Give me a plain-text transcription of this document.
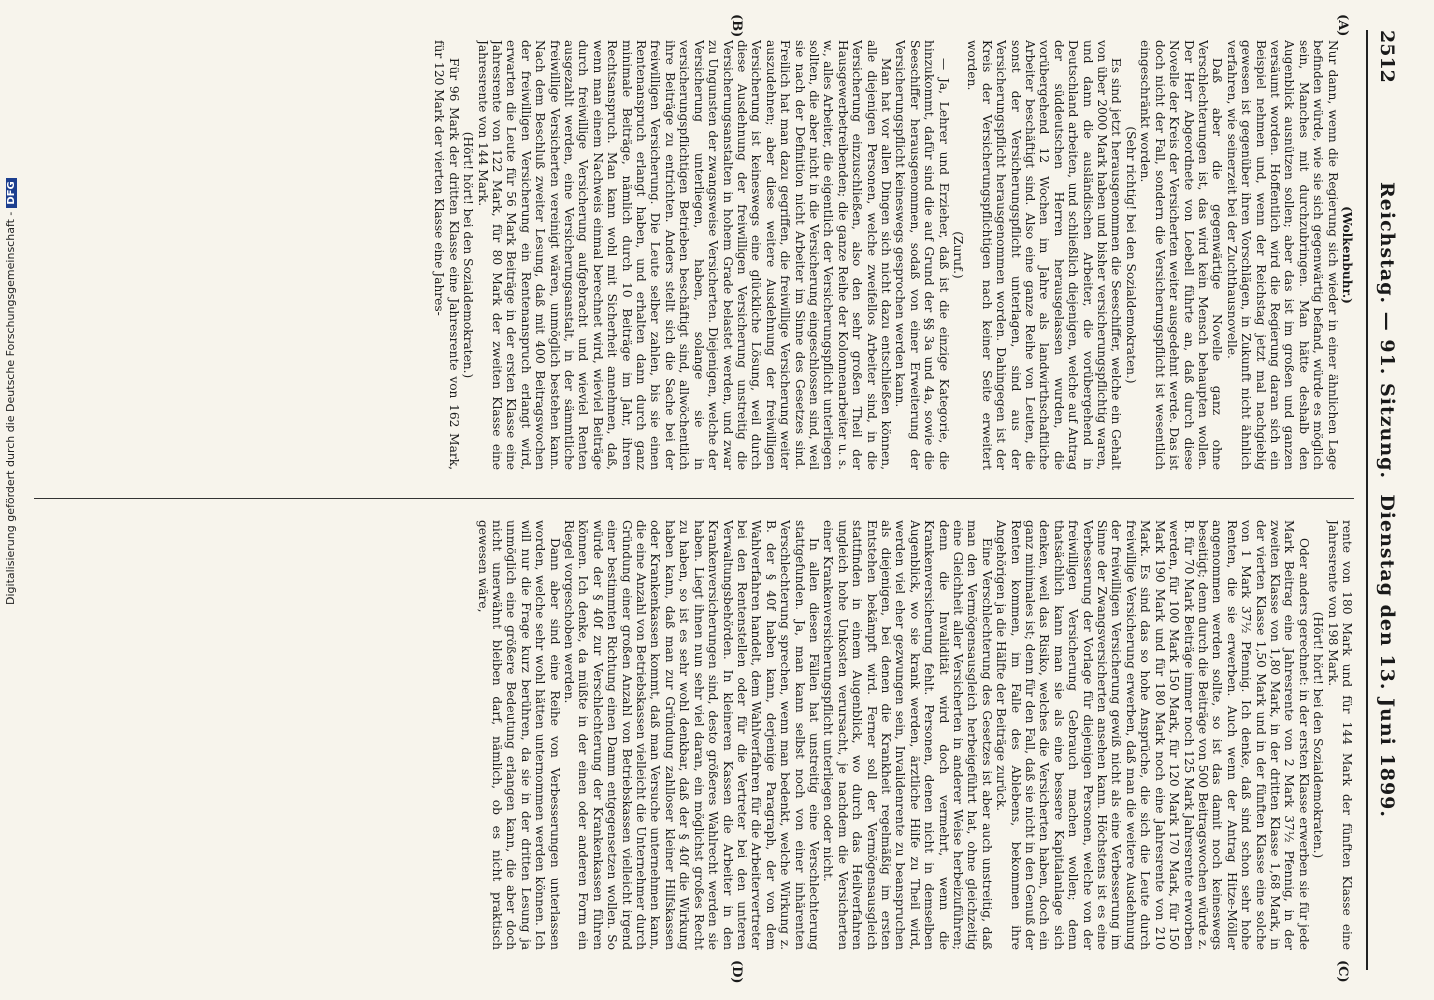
2512
Reichstag. — 91. Sitzung.  Dienstag den 13. Juni 1899.
(A)
(B)
(C)
(D)

(Wolkenbuhr.)

Nur dann, wenn die Regierung sich wieder in einer ähnlichen Lage befinden würde, wie sie sich gegenwärtig befand, würde es möglich sein, Manches mit durchzubringen. Man hätte deshalb den Augenblick ausnützen sollen; aber das ist im großen und ganzen versäumt worden. Hoffentlich wird die Regierung daran sich ein Beispiel nehmen und, wenn der Reichstag jetzt mal nachgiebig gewesen ist gegenüber ihren Vorschlägen, in Zukunft nicht ähnlich verfahren, wie seinerzeit bei der Zuchthausnovelle.

Daß aber die gegenwärtige Novelle ganz ohne Verschlechterungen ist, das wird kein Mensch behaupten wollen. Der Herr Abgeordnete von Loebell führte an, daß durch diese Novelle der Kreis der Versicherten weiter ausgedehnt werde. Das ist doch nicht der Fall, sondern die Versicherungspflicht ist wesentlich eingeschränkt worden.

(Sehr richtig! bei den Sozialdemokraten.)

Es sind jetzt herausgenommen die Seeschiffer, welche ein Gehalt von über 2000 Mark haben und bisher versicherungspflichtig waren, und dann die ausländischen Arbeiter, die vorübergehend in Deutschland arbeiten, und schließlich diejenigen, welche auf Antrag der süddeutschen Herren herausgelassen wurden, die vorübergehend 12 Wochen im Jahre als landwirthschaftliche Arbeiter beschäftigt sind. Also eine ganze Reihe von Leuten, die sonst der Versicherungspflicht unterlagen, sind aus der Versicherungspflicht herausgenommen worden. Dahingegen ist der Kreis der Versicherungspflichtigen nach keiner Seite erweitert worden.

(Zuruf.)

— Ja, Lehrer und Erzieher, daß ist die einzige Kategorie, die hinzukommt, dafür sind die auf Grund der §§ 3a und 4a, sowie die Seeschiffer herausgenommen, sodaß von einer Erweiterung der Versicherungspflicht keineswegs gesprochen werden kann.

Man hat vor allen Dingen sich nicht dazu entschließen können, alle diejenigen Personen, welche zweifellos Arbeiter sind, in die Versicherung einzuschließen, also den sehr großen Theil der Hausgewerbetreibenden; die ganze Reihe der Kolonnenarbeiter u. s. w., alles Arbeiter, die eigentlich der Versicherungspflicht unterliegen sollten, die aber nicht in die Versicherung eingeschlossen sind, weil sie nach der Definition nicht Arbeiter im Sinne des Gesetzes sind. Freilich hat man dazu gegriffen, die freiwillige Versicherung weiter auszudehnen; aber diese weitere Ausdehnung der freiwilligen Versicherung ist keineswegs eine glückliche Lösung, weil durch diese Ausdehnung der freiwilligen Versicherung unstreitig die Versicherungsanstalten in hohem Grade belastet werden, und zwar zu Ungunsten der zwangsweise Versicherten. Diejenigen, welche der Versicherung unterliegen, haben, solange sie in versicherungspflichtigen Betrieben beschäftigt sind, allwöchentlich ihre Beiträge zu entrichten. Anders stellt sich die Sache bei der freiwilligen Versicherung. Die Leute selber zahlen, bis sie einen Rentenanspruch erlangt haben, und erhalten dann durch ganz minimale Beiträge, nämlich durch 10 Beiträge im Jahr, ihren Rechtsanspruch. Man kann wohl mit Sicherheit annehmen, daß, wenn man einem Nachweis einmal berechnet wird, wieviel Beiträge durch freiwillige Versicherung aufgebracht und wieviel Renten ausgezahlt werden, eine Versicherungsanstalt, in der sämmtliche freiwillige Versicherten vereinigt wären, unmöglich bestehen kann. Nach dem Beschluß zweiter Lesung, daß mit 400 Beitragswochen der freiwilligen Versicherung ein Rentenanspruch erlangt wird, erwarten die Leute für 56 Mark Beiträge in der ersten Klasse eine Jahresrente von 122 Mark, für 80 Mark der zweiten Klasse eine Jahresrente von 144 Mark.

(Hört! hört! bei den Sozialdemokraten.)

Für 96 Mark der dritten Klasse eine Jahresrente von 162 Mark, für 120 Mark der vierten Klasse eine Jahres-

rente von 180 Mark und für 144 Mark der fünften Klasse eine Jahresrente von 198 Mark.

(Hört! hört! bei den Sozialdemokraten.)

Oder anders gerechnet: in der ersten Klasse erwerben sie für jede Mark Beitrag eine Jahresrente von 2 Mark 37½ Pfennig, in der zweiten Klasse von 1,80 Mark, in der dritten Klasse 1,68 Mark, in der vierten Klasse 1,50 Mark und in der fünften Klasse eine solche von 1 Mark 37½ Pfennig. Ich denke, daß sind schon sehr hohe Renten, die sie erwerben. Auch wenn der Antrag Hitze-Möller angenommen werden sollte, so ist das damit noch keineswegs beseitigt; denn durch die Beiträge von 500 Beitragswochen würde z. B. für 70 Mark Beiträge immer noch 125 Mark Jahresrente erworben werden, für 100 Mark 150 Mark, für 120 Mark 170 Mark, für 150 Mark 190 Mark und für 180 Mark noch eine Jahresrente von 210 Mark. Es sind das so hohe Ansprüche, die sich die Leute durch freiwillige Versicherung erwerben, daß man die weitere Ausdehnung der freiwilligen Versicherung gewiß nicht als eine Verbesserung im Sinne der Zwangsversicherten ansehen kann. Höchstens ist es eine Verbesserung der Vorlage für diejenigen Personen, welche von der freiwilligen Versicherung Gebrauch machen wollen; denn thatsächlich kann man sie als eine bessere Kapitalanlage sich denken, weil das Risiko, welches die Versicherten haben, doch ein ganz minimales ist; denn für den Fall, daß sie nicht in den Genuß der Renten kommen, im Falle des Ablebens, bekommen ihre Angehörigen ja die Hälfte der Beiträge zurück.

Eine Verschlechterung des Gesetzes ist aber auch unstreitig, daß man den Vermögensausgleich herbeigeführt hat, ohne gleichzeitig eine Gleichheit aller Versicherten in anderer Weise herbeizuführen; denn die Invalidität wird doch vermehrt, wenn die Krankenversicherung fehlt. Personen, denen nicht in demselben Augenblick, wo sie krank werden, ärztliche Hilfe zu Theil wird, werden viel eher gezwungen sein, Invalidenrente zu beanspruchen als diejenigen, bei denen die Krankheit regelmäßig im ersten Entstehen bekämpft wird. Ferner soll der Vermögensausgleich stattfinden in einem Augenblick, wo durch das Heilverfahren ungleich hohe Unkosten verursacht, je nachdem die Versicherten einer Krankenversicherungspflicht unterliegen oder nicht.

In allen diesen Fällen hat unstreitig eine Verschlechterung stattgefunden. Ja, man kann selbst noch von einer inhärenten Verschlechterung sprechen, wenn man bedenkt, welche Wirkung z. B. der § 40f haben kann, derjenige Paragraph, der von dem Wahlverfahren handelt, dem Wahlverfahren für die Arbeitervertreter bei den Rentenstellen oder für die Vertreter bei den unteren Verwaltungsbehörden. In kleineren Kassen die Arbeiter in den Krankenversicherungen sind, desto größeres Wahlrecht werden sie haben. Liegt ihnen nun sehr viel daran, ein möglichst großes Recht zu haben, so ist es sehr wohl denkbar, daß der § 40f die Wirkung haben kann, daß man zur Gründung zahlloser kleiner Hilfskassen oder Krankenkassen kommt, daß man Versuche unternehmen kann, die eine Anzahl von Betriebskassen vielleicht die Unternehmer durch Gründung einer großen Anzahl von Betriebskassen vielleicht irgend einer bestimmten Richtung einen Damm entgegensetzen wollen. So würde der § 40f zur Verschlechterung der Krankenkassen führen können. Ich denke, da müßte in der einen oder anderen Form ein Riegel vorgeschoben werden.

Dann aber sind eine Reihe von Verbesserungen unterlassen worden, welche sehr wohl hätten unternommen werden können. Ich will nur die Frage kurz berühren, da sie in der dritten Lesung ja unmöglich eine größere Bedeutung erlangen kann, die aber doch nicht unerwähnt bleiben darf, nämlich, ob es nicht praktisch gewesen wäre,

Digitalisierung gefördert durch die Deutsche Forschungsgemeinschaft -DFG
